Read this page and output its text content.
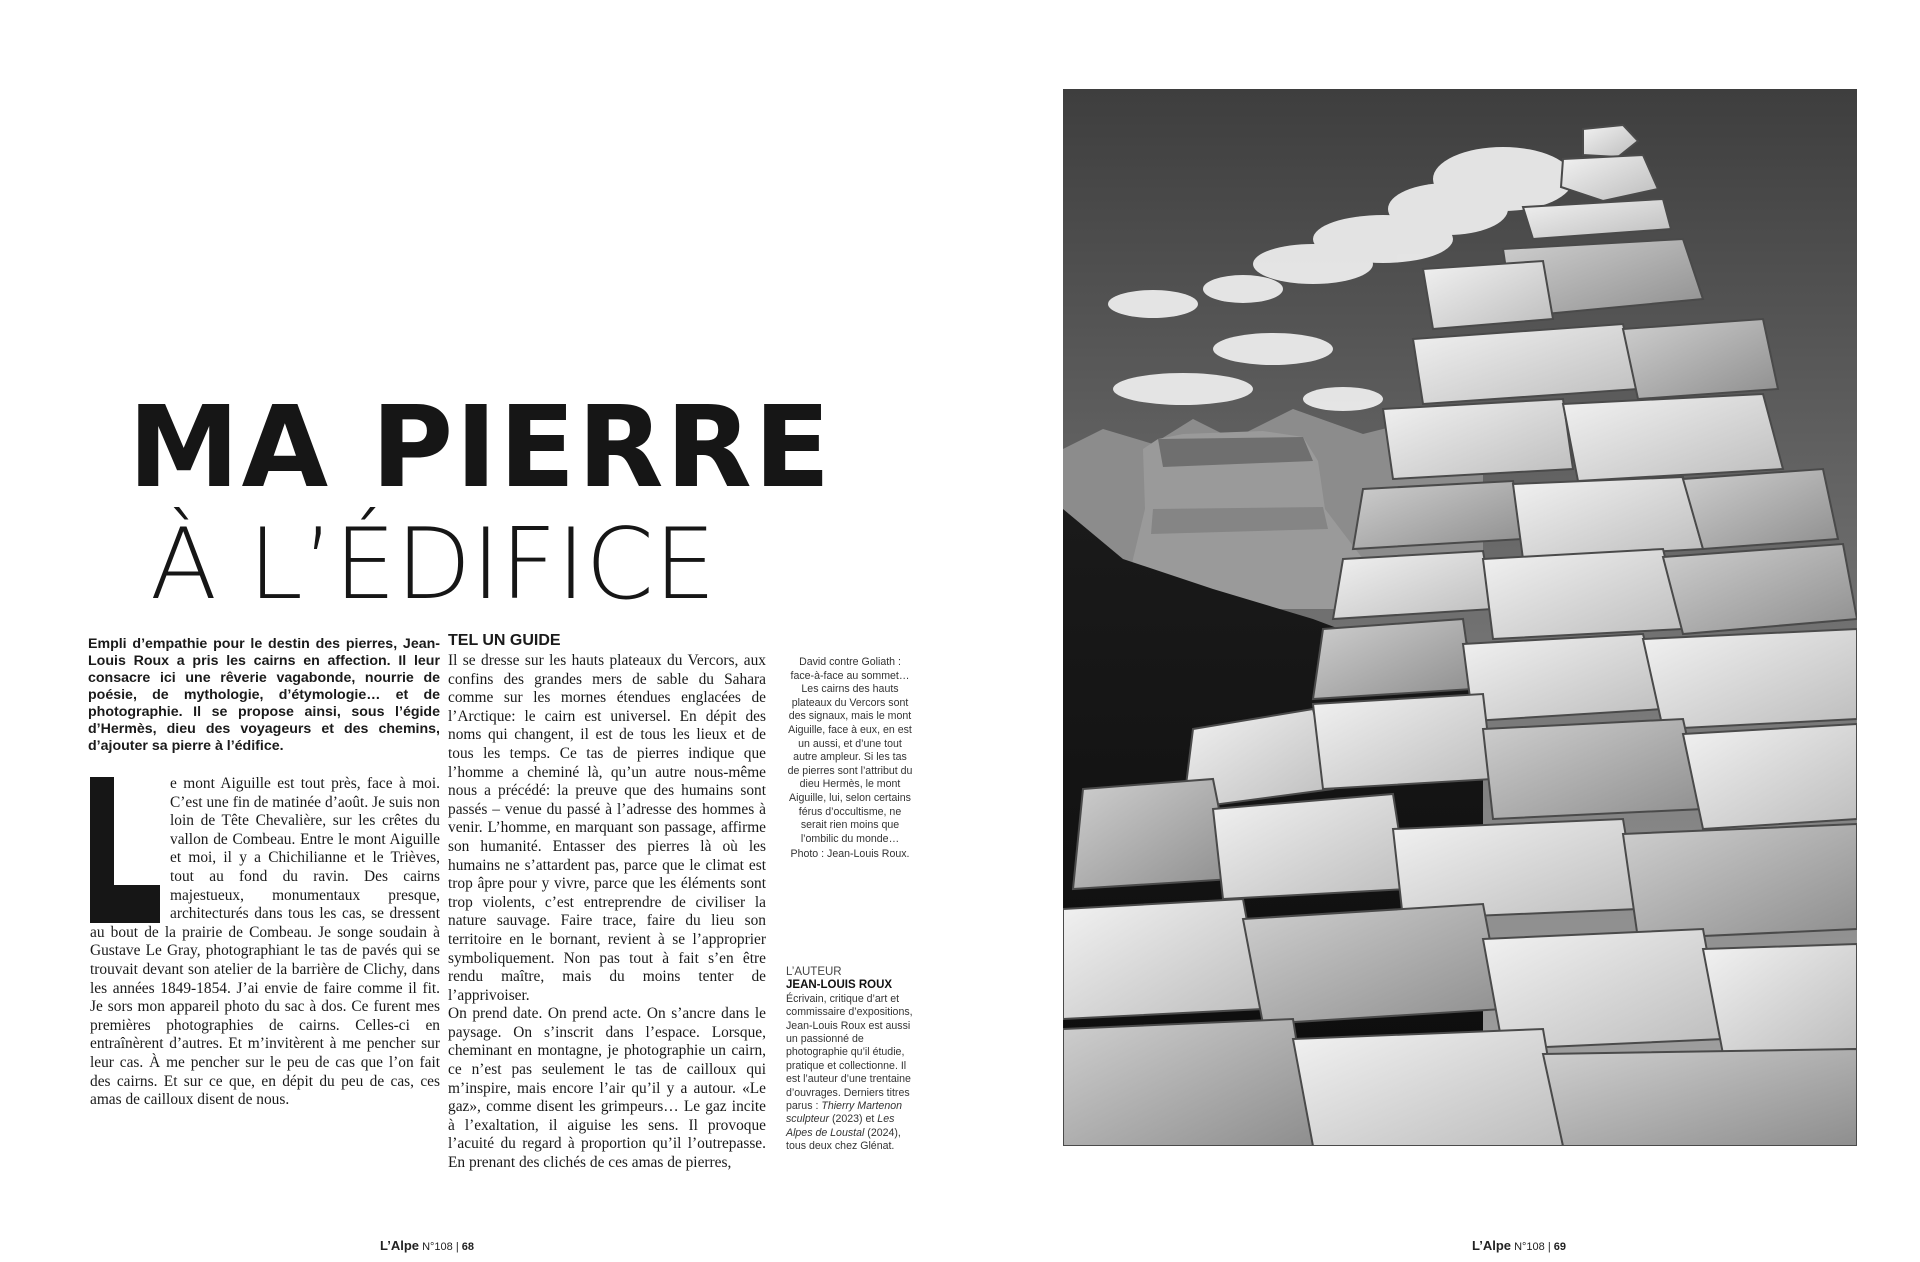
MA PIERRE
À L’ÉDIFICE
Empli d’empathie pour le destin des pierres, Jean-Louis Roux a pris les cairns en affection. Il leur consacre ici une rêverie vagabonde, nourrie de poésie, de mythologie, d’étymologie… et de photographie. Il se propose ainsi, sous l’égide d’Hermès, dieu des voyageurs et des chemins, d’ajouter sa pierre à l’édifice.
e mont Aiguille est tout près, face à moi. C’est une fin de matinée d’août. Je suis non loin de Tête Chevalière, sur les crêtes du vallon de Combeau. Entre le mont Aiguille et moi, il y a Chichilianne et le Trièves, tout au fond du ravin. Des cairns majestueux, monumentaux presque, architecturés dans tous les cas, se dressent au bout de la prairie de Combeau. Je songe soudain à Gustave Le Gray, photographiant le tas de pavés qui se trouvait devant son atelier de la barrière de Clichy, dans les années 1849-1854. J’ai envie de faire comme il fit. Je sors mon appareil photo du sac à dos. Ce furent mes premières photographies de cairns. Celles-ci en entraînèrent d’autres. Et m’invitèrent à me pencher sur leur cas. À me pencher sur le peu de cas que l’on fait des cairns. Et sur ce que, en dépit du peu de cas, ces amas de cailloux disent de nous.
TEL UN GUIDE

Il se dresse sur les hauts plateaux du Vercors, aux confins des grandes mers de sable du Sahara comme sur les mornes étendues englacées de l’Arctique: le cairn est universel. En dépit des noms qui changent, il est de tous les lieux et de tous les temps. Ce tas de pierres indique que l’homme a cheminé là, qu’un autre nous-même nous a précédé: la preuve que des humains sont passés – venue du passé à l’adresse des hommes à venir. L’homme, en marquant son passage, affirme son humanité. Entasser des pierres là où les humains ne s’attardent pas, parce que le climat est trop âpre pour y vivre, parce que les éléments sont trop violents, c’est entreprendre de civiliser la nature sauvage. Faire trace, faire du lieu son territoire en le bornant, revient à se l’approprier symboliquement. Non pas tout à fait s’en être rendu maître, mais du moins tenter de l’apprivoiser.

On prend date. On prend acte. On s’ancre dans le paysage. On s’inscrit dans l’espace. Lorsque, cheminant en montagne, je photographie un cairn, ce n’est pas seulement le tas de cailloux qui m’inspire, mais encore l’air qu’il y a autour. «Le gaz», comme disent les grimpeurs… Le gaz incite à l’exaltation, il aiguise les sens. Il provoque l’acuité du regard à proportion qu’il l’outrepasse. En prenant des clichés de ces amas de pierres,

David contre Goliath : face-à-face au sommet… Les cairns des hauts plateaux du Vercors sont des signaux, mais le mont Aiguille, face à eux, en est un aussi, et d’une tout autre ampleur. Si les tas de pierres sont l’attribut du dieu Hermès, le mont Aiguille, lui, selon certains férus d’occultisme, ne serait rien moins que l’ombilic du monde…
Photo : Jean-Louis Roux.
L’AUTEUR
JEAN-LOUIS ROUX
Écrivain, critique d’art et commissaire d’expositions, Jean-Louis Roux est aussi un passionné de photographie qu’il étudie, pratique et collectionne. Il est l’auteur d’une trentaine d’ouvrages. Derniers titres parus : Thierry Martenon sculpteur (2023) et Les Alpes de Loustal (2024), tous deux chez Glénat.
L’Alpe N°108 | 68	L’Alpe N°108 | 69
